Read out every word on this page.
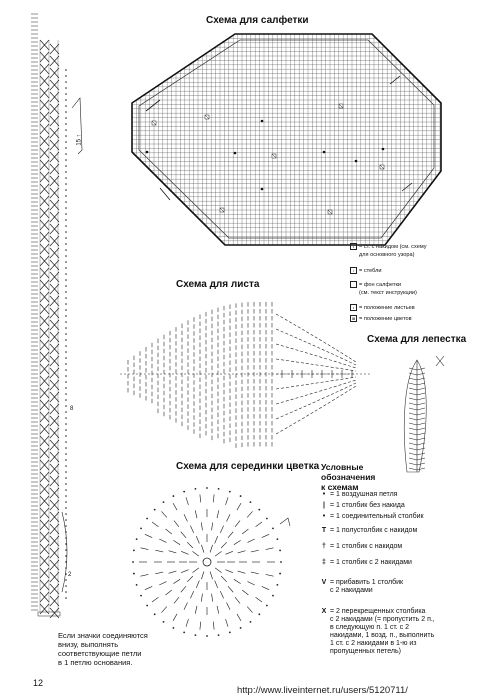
Схема для салфетки
Схема для листа
Схема для лепестка
Схема для серединки цветка
• = ст. с накидом (см. схему
для основного узора)
/ = стебли
= фон салфетки
(см. текст инструкции)
• = положение листьев
⊠ = положение цветов
Условные
обозначения
к схемам
• = 1 воздушная петля
| = 1 столбик без накида
• = 1 соединительный столбик
T = 1 полустолбик с накидом
† = 1 столбик с накидом
‡ = 1 столбик с 2 накидами
V = прибавить 1 столбик
с 2 накидами
X = 2 перекрещенных столбика
с 2 накидами (= пропустить 2 п.,
в следующую п. 1 ст. с 2
накидами, 1 возд. п., выполнить
1 ст. с 2 накидами в 1-ю из
пропущенных петель)
Если значки соединяются
внизу, выполнять
соответствующие петли
в 1 петлю основания.
15 ↑
8
2
12
http://www.liveinternet.ru/users/5120711/
